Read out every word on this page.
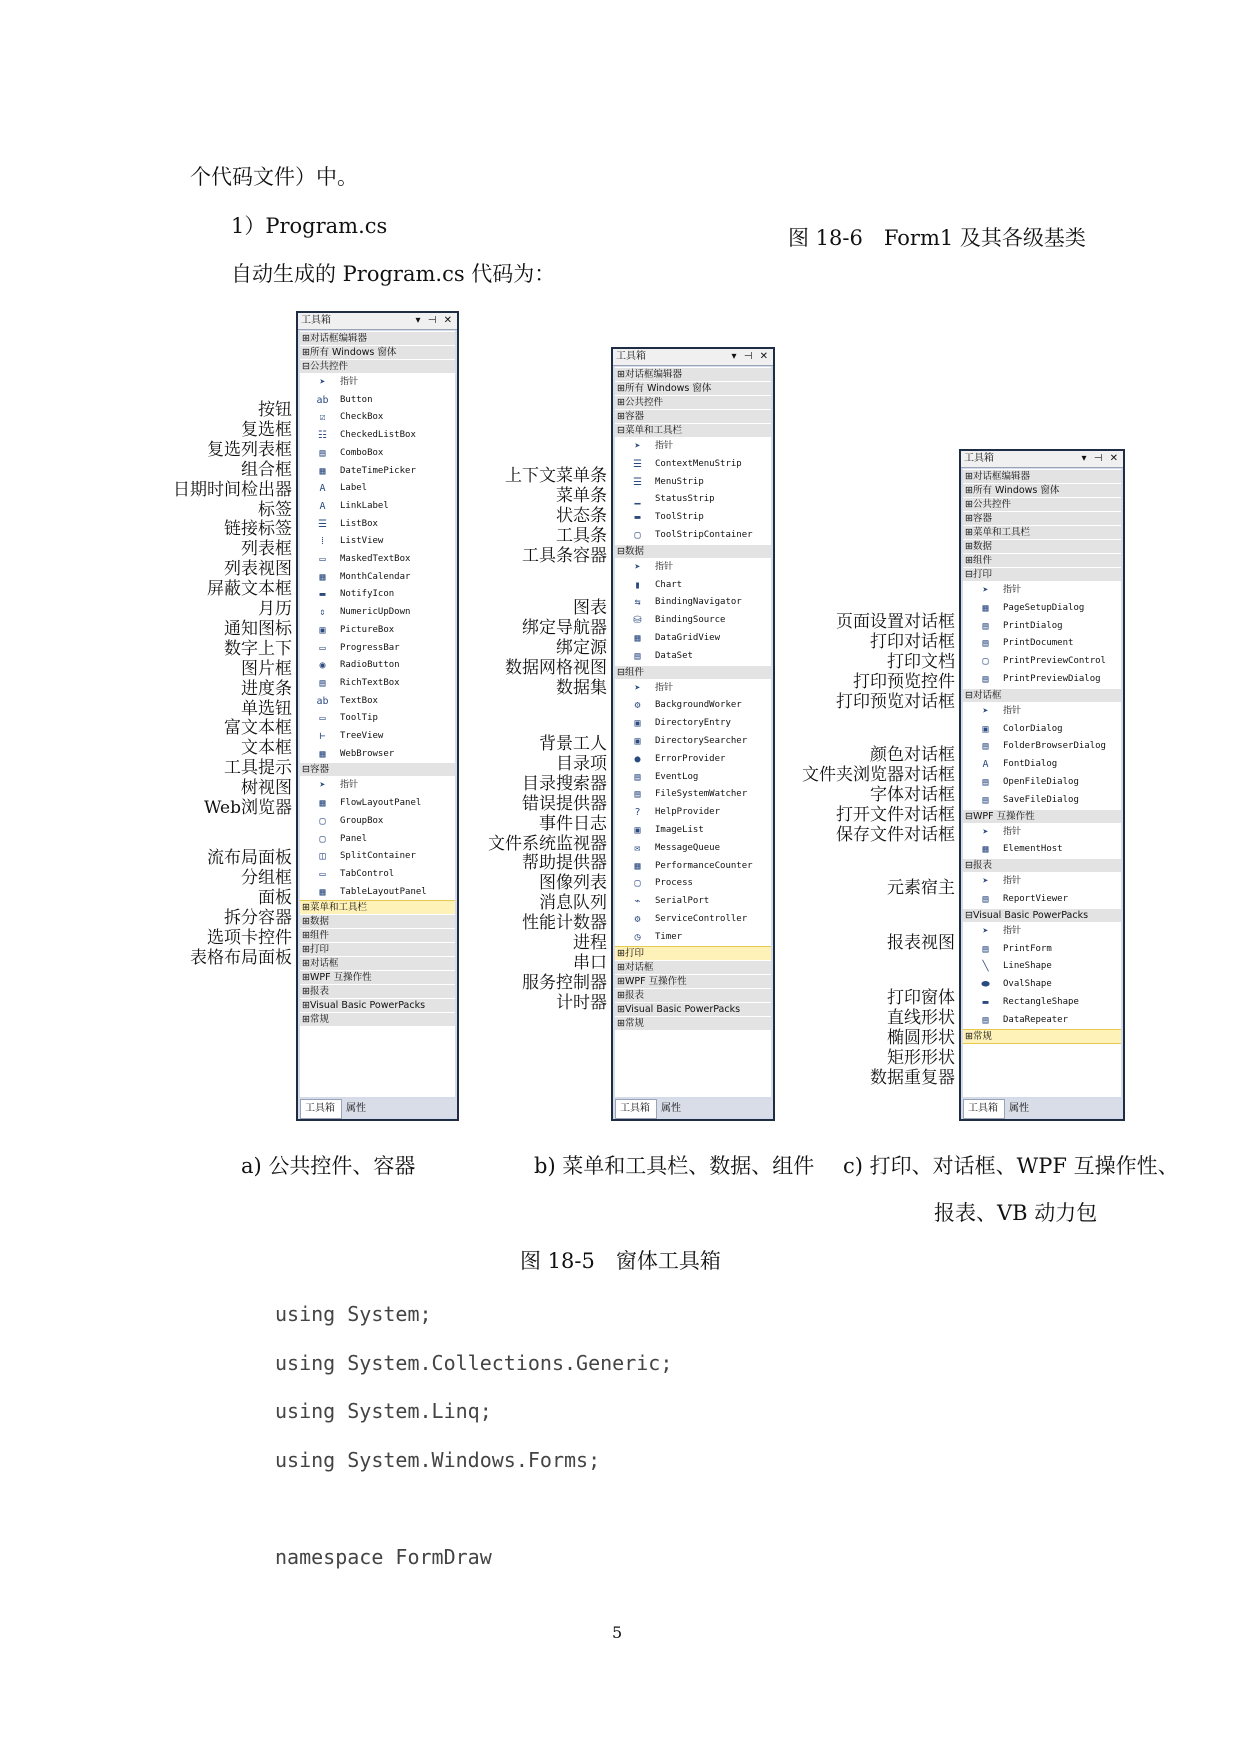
个代码文件）中。
1）Program.cs
自动生成的 Program.cs 代码为：
图 18-6　Form1 及其各级基类
工具箱	▾ ⊣ ✕
⊞对话框编辑器
⊞所有 Windows 窗体
⊟公共控件
➤	指针
ab Button
☑	CheckBox
☷ CheckedListBox
▤	ComboBox
▦	DateTimePicker
A	Label
A	LinkLabel
☰ ListBox
⁞	ListView
▭	MaskedTextBox
▦	MonthCalendar
▬	NotifyIcon
⇕	NumericUpDown
▣	PictureBox
▭	ProgressBar
◉	RadioButton
▤	RichTextBox
ab TextBox
▭	ToolTip
⊢	TreeView
▦	WebBrowser
⊟容器
➤	指针
▦	FlowLayoutPanel
▢	GroupBox
▢	Panel
◫	SplitContainer
▭	TabControl
▦	TableLayoutPanel
⊞菜单和工具栏
⊞数据
⊞组件
⊞打印
⊞对话框
⊞WPF 互操作性
⊞报表
⊞Visual Basic PowerPacks
⊞常规
工具箱 属性
工具箱	▾ ⊣ ✕
⊞对话框编辑器
⊞所有 Windows 窗体
⊞公共控件
⊞容器
⊟菜单和工具栏
➤	指针
☰ ContextMenuStrip
☰ MenuStrip
▁	StatusStrip
▬	ToolStrip
▢	ToolStripContainer
⊟数据
➤	指针
▮	Chart
⇆	BindingNavigator
⛁ BindingSource
▦	DataGridView
▤	DataSet
⊟组件
➤	指针
⚙	BackgroundWorker
▣	DirectoryEntry
▣	DirectorySearcher
●	ErrorProvider
▤	EventLog
▤	FileSystemWatcher
?	HelpProvider
▣	ImageList
✉	MessageQueue
▦	PerformanceCounter
▢	Process
⌁	SerialPort
⚙	ServiceController
◷	Timer
⊞打印
⊞对话框
⊞WPF 互操作性
⊞报表
⊞Visual Basic PowerPacks
⊞常规
工具箱 属性
工具箱	▾ ⊣ ✕
⊞对话框编辑器
⊞所有 Windows 窗体
⊞公共控件
⊞容器
⊞菜单和工具栏
⊞数据
⊞组件
⊟打印
➤	指针
▦	PageSetupDialog
▤	PrintDialog
▤	PrintDocument
▢	PrintPreviewControl
▤	PrintPreviewDialog
⊟对话框
➤	指针
▣	ColorDialog
▤	FolderBrowserDialog
A	FontDialog
▤	OpenFileDialog
▤	SaveFileDialog
⊟WPF 互操作性
➤	指针
▦	ElementHost
⊟报表
➤	指针
▤	ReportViewer
⊟Visual Basic PowerPacks
➤	指针
▤	PrintForm
╲	LineShape
⬬ OvalShape
▬	RectangleShape
▤	DataRepeater
⊞常规
工具箱 属性
按钮
复选框
复选列表框
组合框
日期时间检出器
标签
链接标签
列表框
列表视图
屏蔽文本框
月历
通知图标
数字上下
图片框
进度条
单选钮
富文本框
文本框
工具提示
树视图
Web浏览器
流布局面板
分组框
面板
拆分容器
选项卡控件
表格布局面板
上下文菜单条
菜单条
状态条
工具条
工具条容器
图表
绑定导航器
绑定源
数据网格视图
数据集
背景工人
目录项
目录搜索器
错误提供器
事件日志
文件系统监视器
帮助提供器
图像列表
消息队列
性能计数器
进程
串口
服务控制器
计时器
页面设置对话框
打印对话框
打印文档
打印预览控件
打印预览对话框
颜色对话框
文件夹浏览器对话框
字体对话框
打开文件对话框
保存文件对话框
元素宿主
报表视图
打印窗体
直线形状
椭圆形状
矩形形状
数据重复器
a) 公共控件、容器	b) 菜单和工具栏、数据、组件 c) 打印、对话框、WPF 互操作性、
报表、VB 动力包
图 18-5　窗体工具箱
using System;
using System.Collections.Generic;
using System.Linq;
using System.Windows.Forms;
namespace FormDraw
5
